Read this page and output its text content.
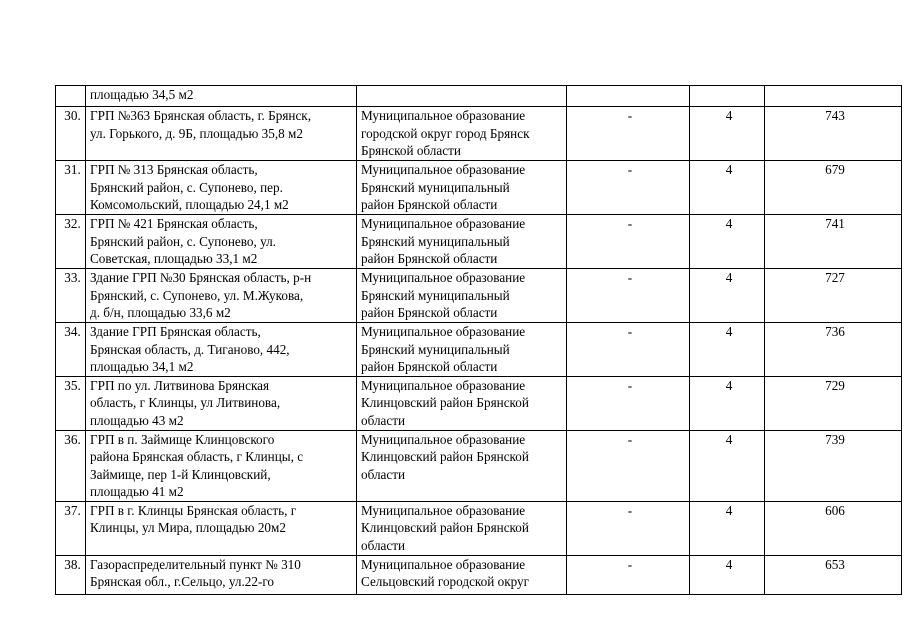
	площадью 34,5 м2				
30.	ГРП №363 Брянская область, г. Брянск,
ул. Горького, д. 9Б, площадью 35,8 м2	Муниципальное образование
городской округ город Брянск
Брянской области	-	4	743
31.	ГРП № 313 Брянская область,
Брянский район, с. Супонево, пер.
Комсомольский, площадью 24,1 м2	Муниципальное образование
Брянский муниципальный
район Брянской области	-	4	679
32.	ГРП № 421 Брянская область,
Брянский район, с. Супонево, ул.
Советская, площадью 33,1 м2	Муниципальное образование
Брянский муниципальный
район Брянской области	-	4	741
33.	Здание ГРП №30 Брянская область, р-н
Брянский, с. Супонево, ул. М.Жукова,
д. б/н, площадью 33,6 м2	Муниципальное образование
Брянский муниципальный
район Брянской области	-	4	727
34.	Здание ГРП Брянская область,
Брянская область, д. Тиганово, 442,
площадью 34,1 м2	Муниципальное образование
Брянский муниципальный
район Брянской области	-	4	736
35.	ГРП по ул. Литвинова Брянская
область, г Клинцы, ул Литвинова,
площадью 43 м2	Муниципальное образование
Клинцовский район Брянской
области	-	4	729
36.	ГРП в п. Займище Клинцовского
района Брянская область, г Клинцы, с
Займище, пер 1-й Клинцовский,
площадью 41 м2	Муниципальное образование
Клинцовский район Брянской
области	-	4	739
37.	ГРП в г. Клинцы Брянская область, г
Клинцы, ул Мира, площадью 20м2	Муниципальное образование
Клинцовский район Брянской
области	-	4	606
38.	Газораспределительный пункт № 310
Брянская обл., г.Сельцо, ул.22-го	Муниципальное образование
Сельцовский городской округ	-	4	653
